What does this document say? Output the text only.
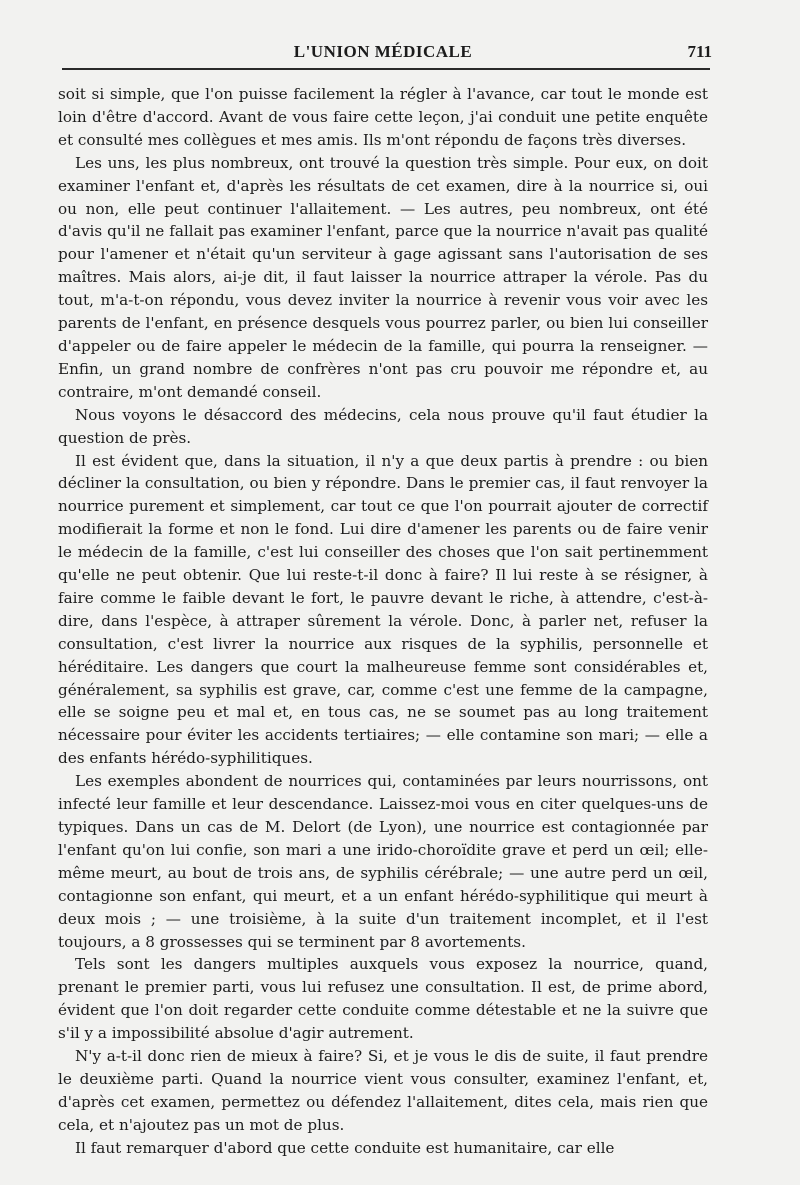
L'UNION MÉDICALE	711

soit si simple, que l'on puisse facilement la régler à l'avance, car tout le monde est loin d'être d'accord. Avant de vous faire cette leçon, j'ai conduit une petite enquête et consulté mes collègues et mes amis. Ils m'ont répondu de façons très diverses.

Les uns, les plus nombreux, ont trouvé la question très simple. Pour eux, on doit examiner l'enfant et, d'après les résultats de cet examen, dire à la nourrice si, oui ou non, elle peut continuer l'allaitement. — Les autres, peu nombreux, ont été d'avis qu'il ne fallait pas examiner l'enfant, parce que la nourrice n'avait pas qualité pour l'amener et n'était qu'un serviteur à gage agissant sans l'autorisation de ses maîtres. Mais alors, ai-je dit, il faut laisser la nourrice attraper la vérole. Pas du tout, m'a-t-on répondu, vous devez inviter la nourrice à revenir vous voir avec les parents de l'enfant, en présence desquels vous pourrez parler, ou bien lui conseiller d'appeler ou de faire appeler le médecin de la famille, qui pourra la renseigner. — Enfin, un grand nombre de confrères n'ont pas cru pouvoir me répondre et, au contraire, m'ont demandé conseil.

Nous voyons le désaccord des médecins, cela nous prouve qu'il faut étudier la question de près.

Il est évident que, dans la situation, il n'y a que deux partis à prendre : ou bien décliner la consultation, ou bien y répondre. Dans le premier cas, il faut renvoyer la nourrice purement et simplement, car tout ce que l'on pourrait ajouter de correctif modifierait la forme et non le fond. Lui dire d'amener les parents ou de faire venir le médecin de la famille, c'est lui conseiller des choses que l'on sait pertinemment qu'elle ne peut obtenir. Que lui reste-t-il donc à faire? Il lui reste à se résigner, à faire comme le faible devant le fort, le pauvre devant le riche, à attendre, c'est-à-dire, dans l'espèce, à attraper sûrement la vérole. Donc, à parler net, refuser la consultation, c'est livrer la nourrice aux risques de la syphilis, personnelle et héréditaire. Les dangers que court la malheureuse femme sont considérables et, généralement, sa syphilis est grave, car, comme c'est une femme de la campagne, elle se soigne peu et mal et, en tous cas, ne se soumet pas au long traitement nécessaire pour éviter les accidents tertiaires; — elle contamine son mari; — elle a des enfants hérédo-syphilitiques.

Les exemples abondent de nourrices qui, contaminées par leurs nourrissons, ont infecté leur famille et leur descendance. Laissez-moi vous en citer quelques-uns de typiques. Dans un cas de M. Delort (de Lyon), une nourrice est contagionnée par l'enfant qu'on lui confie, son mari a une irido-choroïdite grave et perd un œil; elle-même meurt, au bout de trois ans, de syphilis cérébrale; — une autre perd un œil, contagionne son enfant, qui meurt, et a un enfant hérédo-syphilitique qui meurt à deux mois ; — une troisième, à la suite d'un traitement incomplet, et il l'est toujours, a 8 grossesses qui se terminent par 8 avortements.

Tels sont les dangers multiples auxquels vous exposez la nourrice, quand, prenant le premier parti, vous lui refusez une consultation. Il est, de prime abord, évident que l'on doit regarder cette conduite comme détestable et ne la suivre que s'il y a impossibilité absolue d'agir autrement.

N'y a-t-il donc rien de mieux à faire? Si, et je vous le dis de suite, il faut prendre le deuxième parti. Quand la nourrice vient vous consulter, examinez l'enfant, et, d'après cet examen, permettez ou défendez l'allaitement, dites cela, mais rien que cela, et n'ajoutez pas un mot de plus.

Il faut remarquer d'abord que cette conduite est humanitaire, car elle
